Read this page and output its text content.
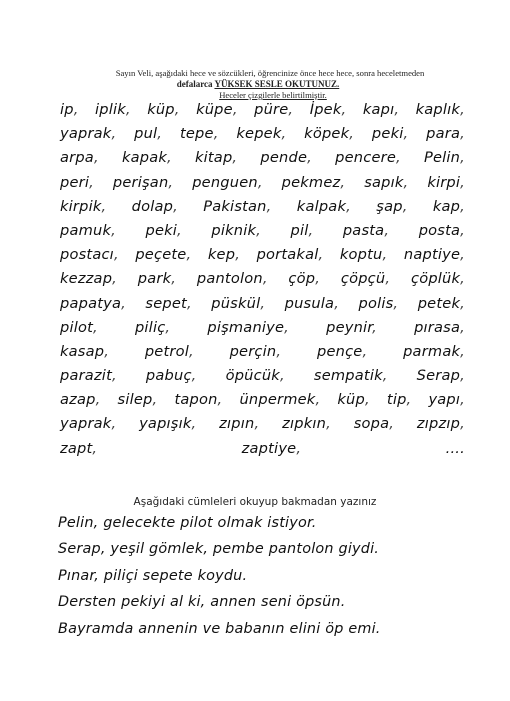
Sayın Veli, aşağıdaki hece ve sözcükleri, öğrencinize önce hece hece, sonra heceletmeden
defalarca YÜKSEK SESLE OKUTUNUZ.
Heceler çizgilerle belirtilmiştir.
ip, iplik, küp, küpe, püre, İpek, kapı, kaplık,
yaprak, pul, tepe, kepek, köpek, peki, para,
arpa, kapak, kitap, pende, pencere, Pelin,
peri, perişan, penguen, pekmez, sapık, kirpi,
kirpik, dolap, Pakistan, kalpak, şap, kap,
pamuk, peki, piknik, pil, pasta, posta,
postacı, peçete, kep, portakal, koptu, naptiye,
kezzap, park, pantolon, çöp, çöpçü, çöplük,
papatya, sepet, püskül, pusula, polis, petek,
pilot,	piliç,	pişmaniye,	peynir,	pırasa,
kasap, petrol, perçin, pençe, parmak,
parazit, pabuç, öpücük, sempatik, Serap,
azap, silep, tapon, ünpermek, küp, tip, yapı,
yaprak, yapışık, zıpın, zıpkın, sopa, zıpzıp,
zapt,	zaptiye,	....
Aşağıdaki cümleleri okuyup bakmadan yazınız
Pelin, gelecekte pilot olmak istiyor.
Serap, yeşil gömlek, pembe pantolon giydi.
Pınar, piliçi sepete koydu.
Dersten pekiyi al ki, annen seni öpsün.
Bayramda annenin ve babanın elini öp emi.
